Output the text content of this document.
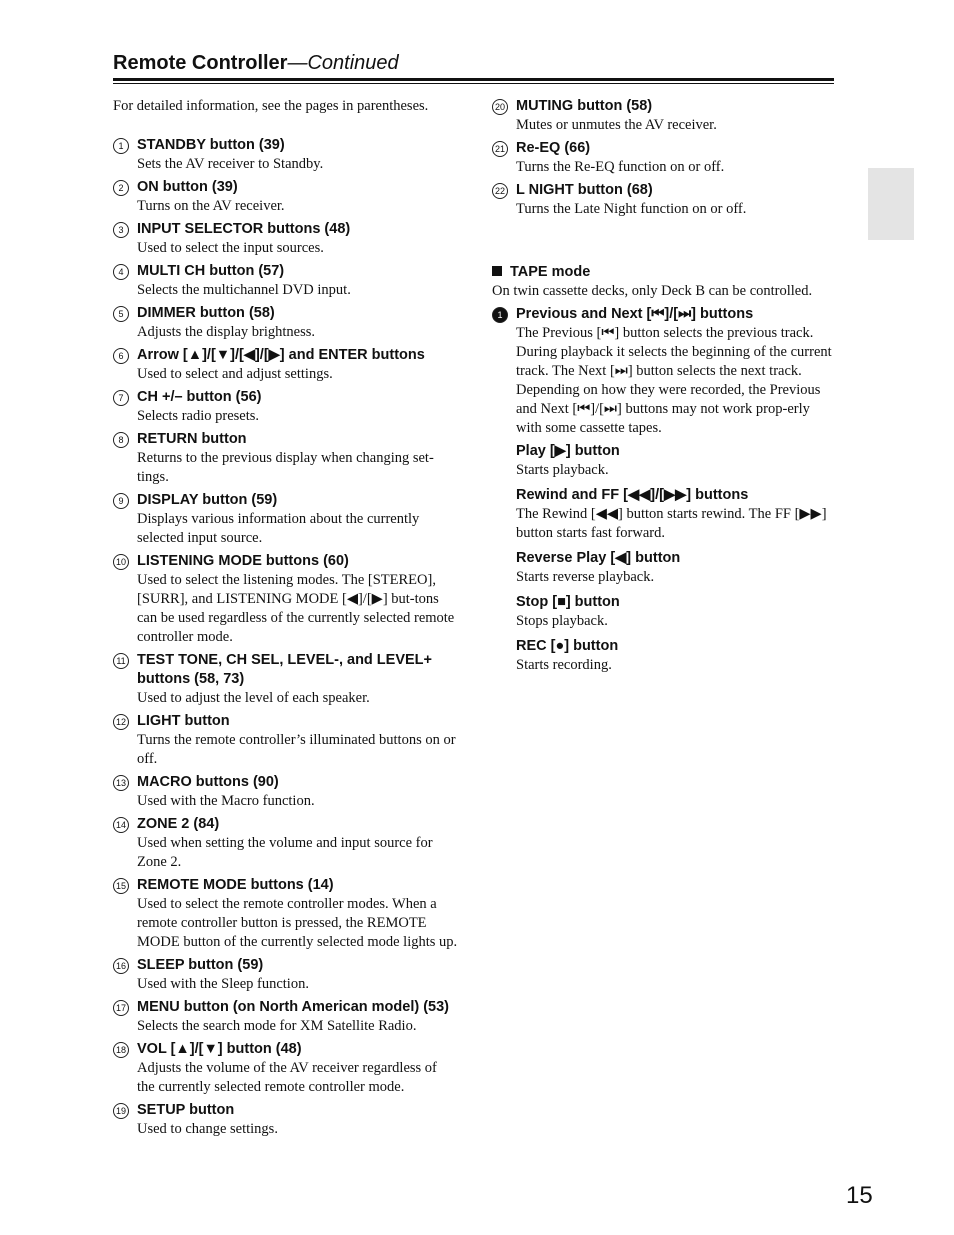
Remote Controller—Continued
For detailed information, see the pages in parentheses.
1 STANDBY button (39)
Sets the AV receiver to Standby.
2 ON button (39)
Turns on the AV receiver.
3 INPUT SELECTOR buttons (48)
Used to select the input sources.
4 MULTI CH button (57)
Selects the multichannel DVD input.
5 DIMMER button (58)
Adjusts the display brightness.
6 Arrow [▲]/[▼]/[◀]/[▶] and ENTER buttons
Used to select and adjust settings.
7 CH +/– button (56)
Selects radio presets.
8 RETURN button
Returns to the previous display when changing set-tings.
9 DISPLAY button (59)
Displays various information about the currently selected input source.
10 LISTENING MODE buttons (60)
Used to select the listening modes. The [STEREO], [SURR], and LISTENING MODE [◀]/[▶] but-tons can be used regardless of the currently selected remote controller mode.
11 TEST TONE, CH SEL, LEVEL-, and LEVEL+ buttons (58, 73)
Used to adjust the level of each speaker.
12 LIGHT button
Turns the remote controller’s illuminated buttons on or off.
13 MACRO buttons (90)
Used with the Macro function.
14 ZONE 2 (84)
Used when setting the volume and input source for Zone 2.
15 REMOTE MODE buttons (14)
Used to select the remote controller modes. When a remote controller button is pressed, the REMOTE MODE button of the currently selected mode lights up.
16 SLEEP button (59)
Used with the Sleep function.
17 MENU button (on North American model) (53)
Selects the search mode for XM Satellite Radio.
18 VOL [▲]/[▼] button (48)
Adjusts the volume of the AV receiver regardless of the currently selected remote controller mode.
19 SETUP button
Used to change settings.
20 MUTING button (58)
Mutes or unmutes the AV receiver.
21 Re-EQ (66)
Turns the Re-EQ function on or off.
22 L NIGHT button (68)
Turns the Late Night function on or off.
TAPE mode
On twin cassette decks, only Deck B can be controlled.
1 Previous and Next [⏮]/[⏭] buttons
The Previous [⏮] button selects the previous track. During playback it selects the beginning of the current track. The Next [⏭] button selects the next track.
Depending on how they were recorded, the Previous and Next [⏮]/[⏭] buttons may not work prop-erly with some cassette tapes.
Play [▶] button
Starts playback.
Rewind and FF [◀◀]/[▶▶] buttons
The Rewind [◀◀] button starts rewind. The FF [▶▶] button starts fast forward.
Reverse Play [◀] button
Starts reverse playback.
Stop [■] button
Stops playback.
REC [●] button
Starts recording.
15
